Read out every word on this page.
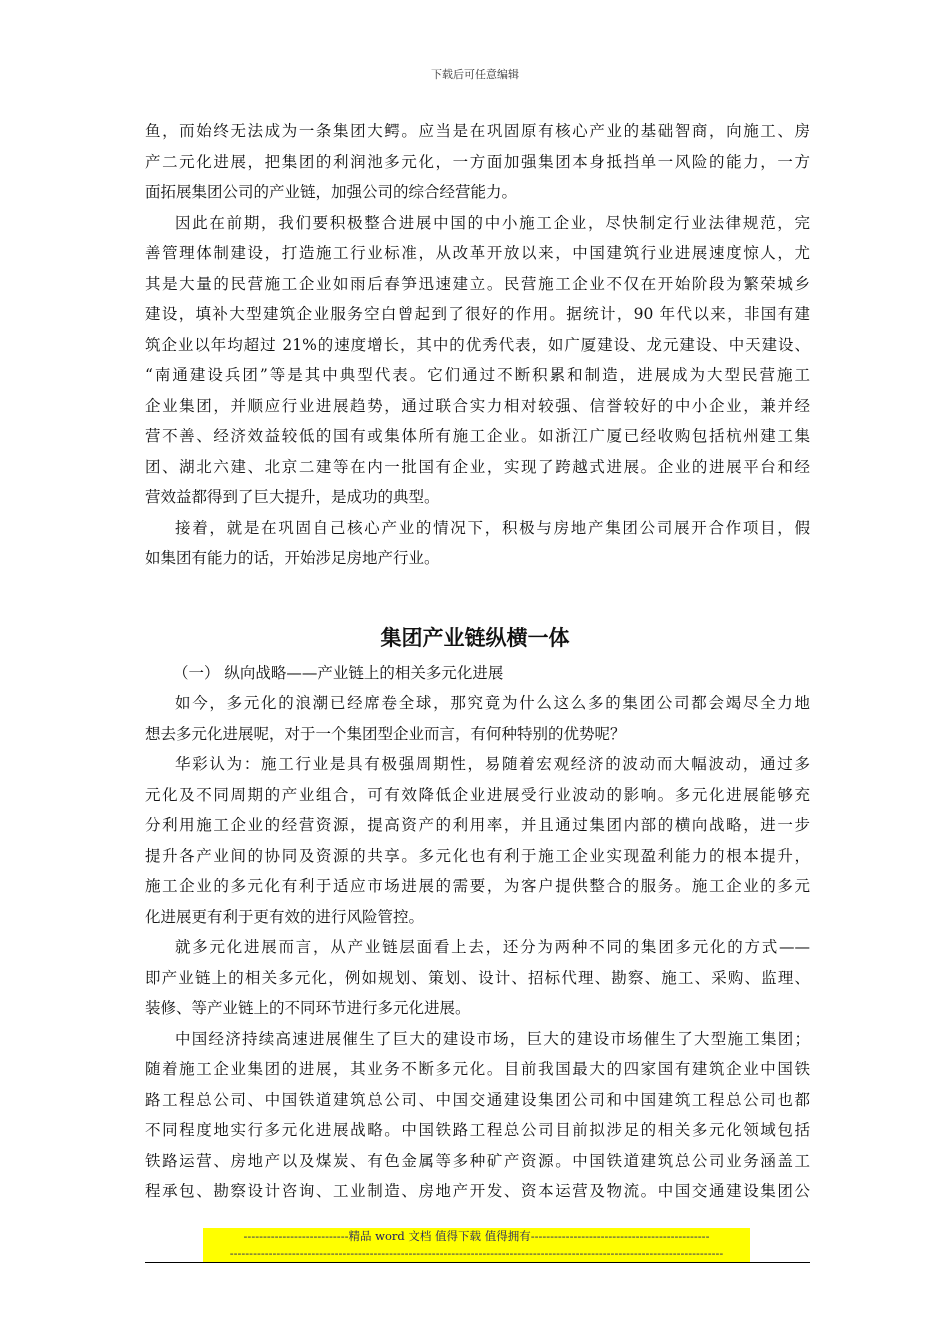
下载后可任意编辑
鱼，而始终无法成为一条集团大鳄。应当是在巩固原有核心产业的基础智商，向施工、房
产二元化进展，把集团的利润池多元化，一方面加强集团本身抵挡单一风险的能力，一方
面拓展集团公司的产业链，加强公司的综合经营能力。
因此在前期，我们要积极整合进展中国的中小施工企业，尽快制定行业法律规范，完
善管理体制建设，打造施工行业标准，从改革开放以来，中国建筑行业进展速度惊人，尤
其是大量的民营施工企业如雨后春笋迅速建立。民营施工企业不仅在开始阶段为繁荣城乡
建设，填补大型建筑企业服务空白曾起到了很好的作用。据统计，90 年代以来，非国有建
筑企业以年均超过 21%的速度增长，其中的优秀代表，如广厦建设、龙元建设、中天建设、
“南通建设兵团”等是其中典型代表。它们通过不断积累和制造，进展成为大型民营施工
企业集团，并顺应行业进展趋势，通过联合实力相对较强、信誉较好的中小企业，兼并经
营不善、经济效益较低的国有或集体所有施工企业。如浙江广厦已经收购包括杭州建工集
团、湖北六建、北京二建等在内一批国有企业，实现了跨越式进展。企业的进展平台和经
营效益都得到了巨大提升，是成功的典型。
接着，就是在巩固自己核心产业的情况下，积极与房地产集团公司展开合作项目，假
如集团有能力的话，开始涉足房地产行业。
集团产业链纵横一体
（一） 纵向战略——产业链上的相关多元化进展
如今，多元化的浪潮已经席卷全球，那究竟为什么这么多的集团公司都会竭尽全力地
想去多元化进展呢，对于一个集团型企业而言，有何种特别的优势呢？
华彩认为：施工行业是具有极强周期性，易随着宏观经济的波动而大幅波动，通过多
元化及不同周期的产业组合，可有效降低企业进展受行业波动的影响。多元化进展能够充
分利用施工企业的经营资源，提高资产的利用率，并且通过集团内部的横向战略，进一步
提升各产业间的协同及资源的共享。多元化也有利于施工企业实现盈利能力的根本提升，
施工企业的多元化有利于适应市场进展的需要，为客户提供整合的服务。施工企业的多元
化进展更有利于更有效的进行风险管控。
就多元化进展而言，从产业链层面看上去，还分为两种不同的集团多元化的方式——
即产业链上的相关多元化，例如规划、策划、设计、招标代理、勘察、施工、采购、监理、
装修、等产业链上的不同环节进行多元化进展。
中国经济持续高速进展催生了巨大的建设市场，巨大的建设市场催生了大型施工集团；
随着施工企业集团的进展，其业务不断多元化。目前我国最大的四家国有建筑企业中国铁
路工程总公司、中国铁道建筑总公司、中国交通建设集团公司和中国建筑工程总公司也都
不同程度地实行多元化进展战略。中国铁路工程总公司目前拟涉足的相关多元化领域包括
铁路运营、房地产以及煤炭、有色金属等多种矿产资源。中国铁道建筑总公司业务涵盖工
程承包、勘察设计咨询、工业制造、房地产开发、资本运营及物流。中国交通建设集团公
---------------------------精品 word 文档 值得下载 值得拥有----------------------------------------------
-------------------------------------------------------------------------------------------------------------------------------
